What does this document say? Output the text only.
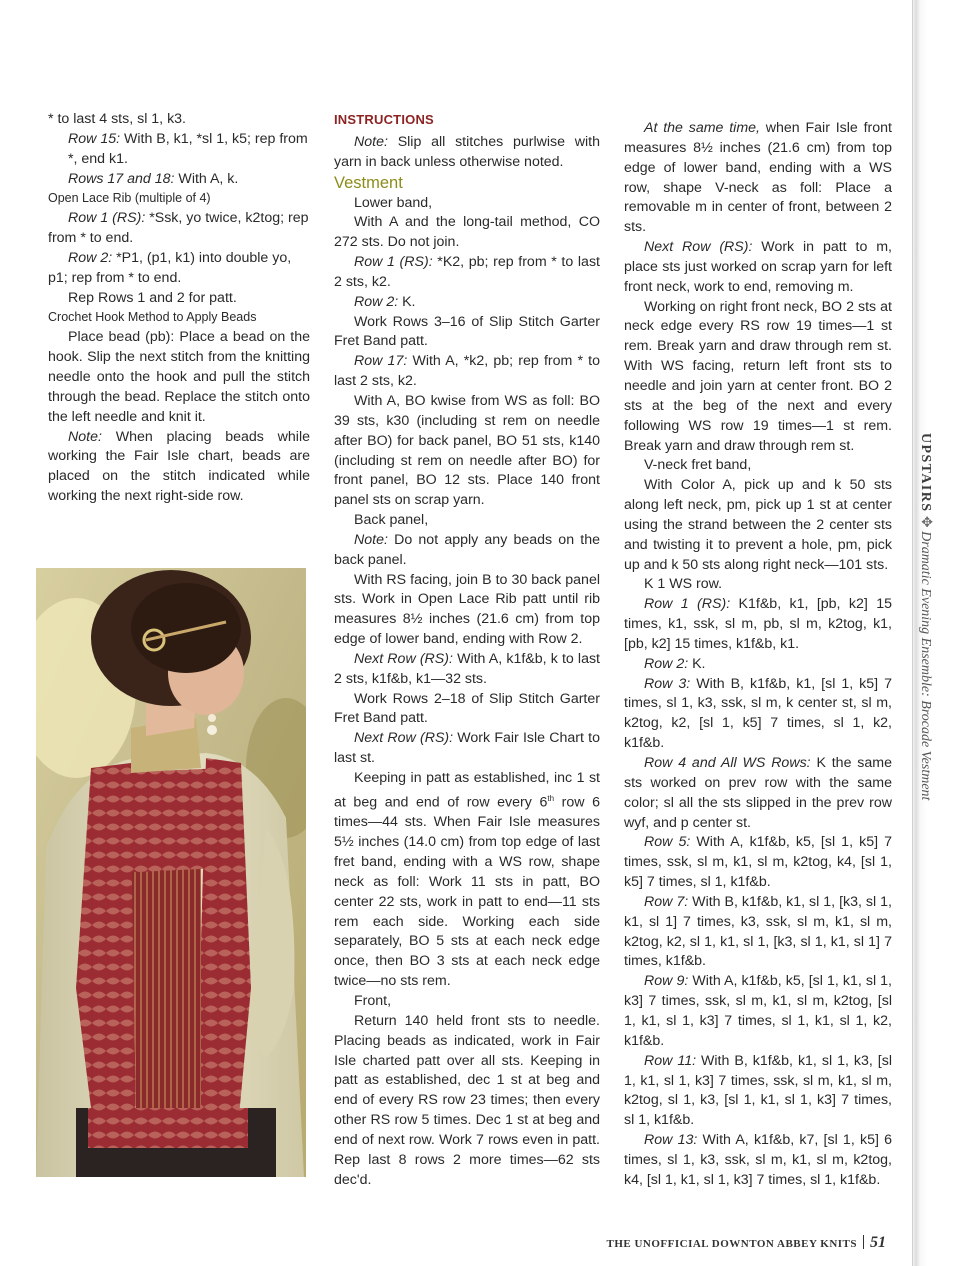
* to last 4 sts, sl 1, k3.

Row 15: With B, k1, *sl 1, k5; rep from *, end k1.

Rows 17 and 18: With A, k.

Open Lace Rib (multiple of 4)

Row 1 (RS): *Ssk, yo twice, k2tog; rep from * to end.

Row 2: *P1, (p1, k1) into double yo, p1; rep from * to end.

Rep Rows 1 and 2 for patt.

Crochet Hook Method to Apply Beads

Place bead (pb): Place a bead on the hook. Slip the next stitch from the knitting needle onto the hook and pull the stitch through the bead. Replace the stitch onto the left needle and knit it.

Note: When placing beads while working the Fair Isle chart, beads are placed on the stitch indicated while working the next right-side row.

INSTRUCTIONS

Note: Slip all stitches purlwise with yarn in back unless otherwise noted.

Vestment

Lower band,

With A and the long-tail method, CO 272 sts. Do not join.

Row 1 (RS): *K2, pb; rep from * to last 2 sts, k2.

Row 2: K.

Work Rows 3–16 of Slip Stitch Garter Fret Band patt.

Row 17: With A, *k2, pb; rep from * to last 2 sts, k2.

With A, BO kwise from WS as foll: BO 39 sts, k30 (including st rem on needle after BO) for back panel, BO 51 sts, k140 (including st rem on needle after BO) for front panel, BO 12 sts. Place 140 front panel sts on scrap yarn.

Back panel,

Note: Do not apply any beads on the back panel.

With RS facing, join B to 30 back panel sts. Work in Open Lace Rib patt until rib measures 8½ inches (21.6 cm) from top edge of lower band, ending with Row 2.

Next Row (RS): With A, k1f&b, k to last 2 sts, k1f&b, k1—32 sts.

Work Rows 2–18 of Slip Stitch Garter Fret Band patt.

Next Row (RS): Work Fair Isle Chart to last st.

Keeping in patt as established, inc 1 st at beg and end of row every 6th row 6 times—44 sts. When Fair Isle measures 5½ inches (14.0 cm) from top edge of last fret band, ending with a WS row, shape neck as foll: Work 11 sts in patt, BO center 22 sts, work in patt to end—11 sts rem each side. Working each side separately, BO 5 sts at each neck edge once, then BO 3 sts at each neck edge twice—no sts rem.

Front,

Return 140 held front sts to needle. Placing beads as indicated, work in Fair Isle charted patt over all sts. Keeping in patt as established, dec 1 st at beg and end of every RS row 23 times; then every other RS row 5 times. Dec 1 st at beg and end of next row. Work 7 rows even in patt. Rep last 8 rows 2 more times—62 sts dec'd.

At the same time, when Fair Isle front measures 8½ inches (21.6 cm) from top edge of lower band, ending with a WS row, shape V-neck as foll: Place a removable m in center of front, between 2 sts.

Next Row (RS): Work in patt to m, place sts just worked on scrap yarn for left front neck, work to end, removing m.

Working on right front neck, BO 2 sts at neck edge every RS row 19 times—1 st rem. Break yarn and draw through rem st. With WS facing, return left front sts to needle and join yarn at center front. BO 2 sts at the beg of the next and every following WS row 19 times—1 st rem. Break yarn and draw through rem st.

V-neck fret band,

With Color A, pick up and k 50 sts along left neck, pm, pick up 1 st at center using the strand between the 2 center sts and twisting it to prevent a hole, pm, pick up and k 50 sts along right neck—101 sts.

K 1 WS row.

Row 1 (RS): K1f&b, k1, [pb, k2] 15 times, k1, ssk, sl m, pb, sl m, k2tog, k1, [pb, k2] 15 times, k1f&b, k1.

Row 2: K.

Row 3: With B, k1f&b, k1, [sl 1, k5] 7 times, sl 1, k3, ssk, sl m, k center st, sl m, k2tog, k2, [sl 1, k5] 7 times, sl 1, k2, k1f&b.

Row 4 and All WS Rows: K the same sts worked on prev row with the same color; sl all the sts slipped in the prev row wyf, and p center st.

Row 5: With A, k1f&b, k5, [sl 1, k5] 7 times, ssk, sl m, k1, sl m, k2tog, k4, [sl 1, k5] 7 times, sl 1, k1f&b.

Row 7: With B, k1f&b, k1, sl 1, [k3, sl 1, k1, sl 1] 7 times, k3, ssk, sl m, k1, sl m, k2tog, k2, sl 1, k1, sl 1, [k3, sl 1, k1, sl 1] 7 times, k1f&b.

Row 9: With A, k1f&b, k5, [sl 1, k1, sl 1, k3] 7 times, ssk, sl m, k1, sl m, k2tog, [sl 1, k1, sl 1, k3] 7 times, sl 1, k1, sl 1, k2, k1f&b.

Row 11: With B, k1f&b, k1, sl 1, k3, [sl 1, k1, sl 1, k3] 7 times, ssk, sl m, k1, sl m, k2tog, sl 1, k3, [sl 1, k1, sl 1, k3] 7 times, sl 1, k1f&b.

Row 13: With A, k1f&b, k7, [sl 1, k5] 6 times, sl 1, k3, ssk, sl m, k1, sl m, k2tog, k4, [sl 1, k1, sl 1, k3] 7 times, sl 1, k1f&b.

UPSTAIRS ✥ Dramatic Evening Ensemble: Brocade Vestment
THE UNOFFICIAL DOWNTON ABBEY KNITS 51
